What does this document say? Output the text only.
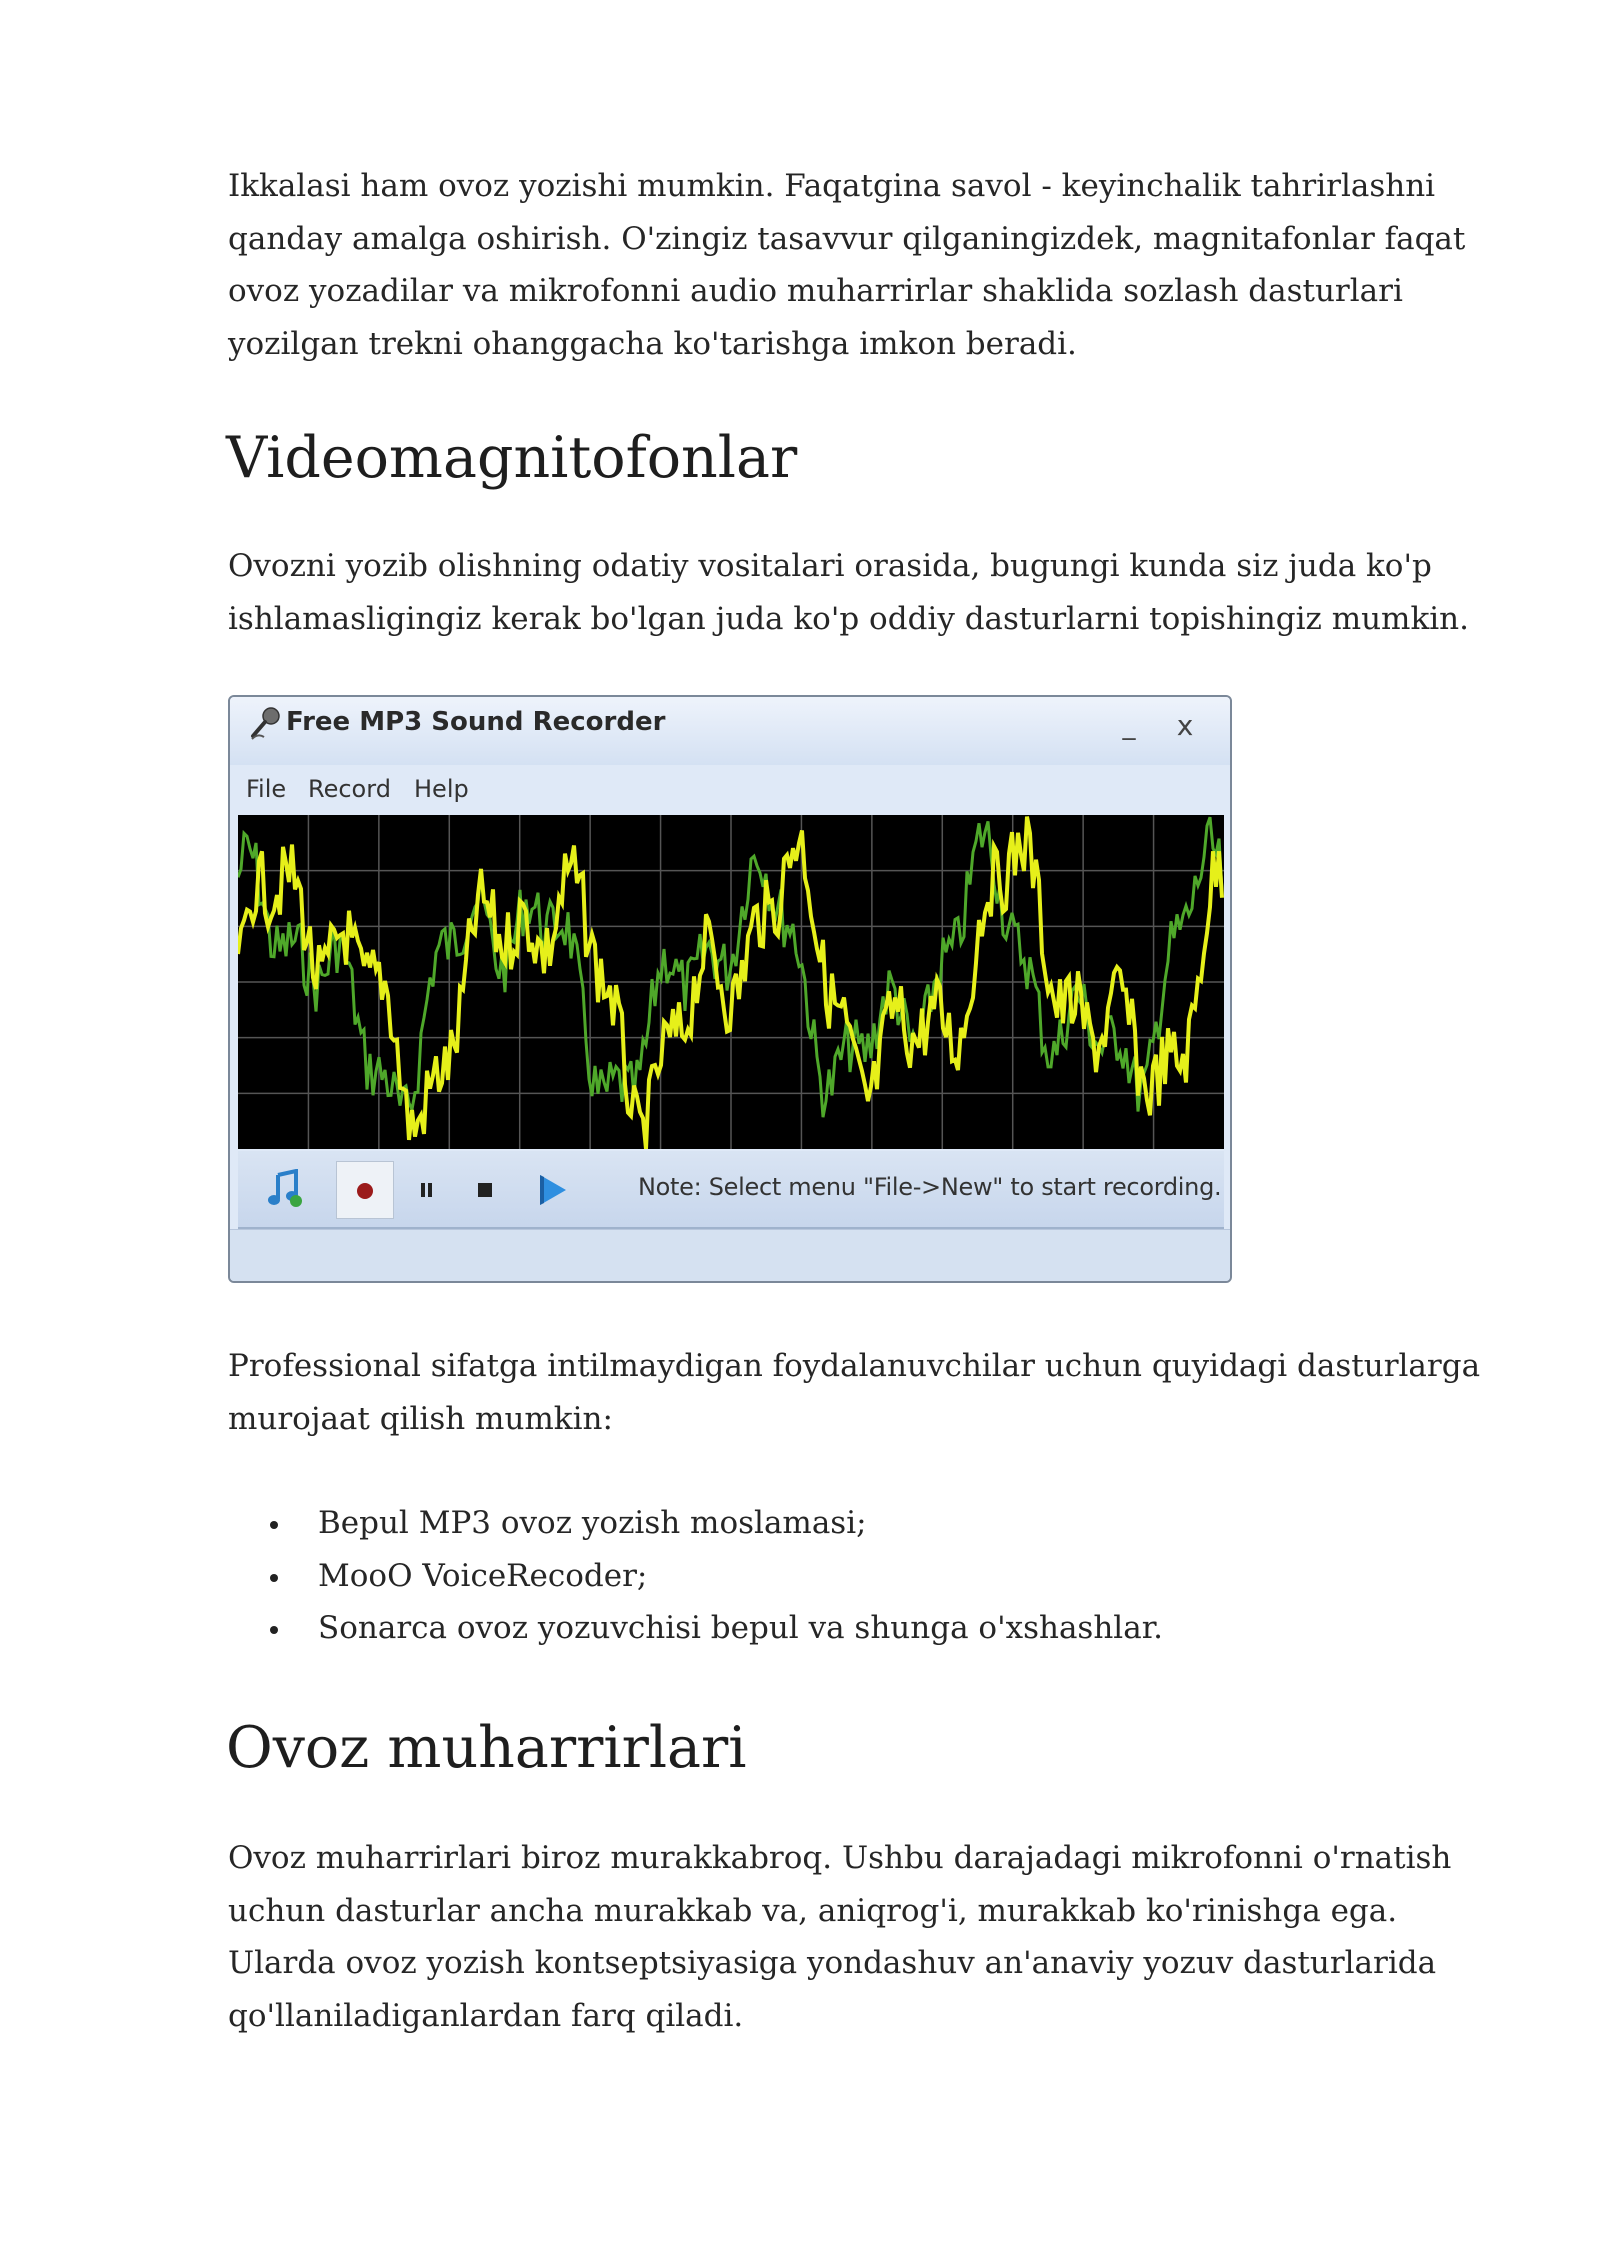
Ikkalasi ham ovoz yozishi mumkin. Faqatgina savol - keyinchalik tahrirlashni qanday amalga oshirish. O'zingiz tasavvur qilganingizdek, magnitafonlar faqat ovoz yozadilar va mikrofonni audio muharrirlar shaklida sozlash dasturlari yozilgan trekni ohanggacha ko'tarishga imkon beradi.

Videomagnitofonlar

Ovozni yozib olishning odatiy vositalari orasida, bugungi kunda siz juda ko'p ishlamasligingiz kerak bo'lgan juda ko'p oddiy dasturlarni topishingiz mumkin.

Free MP3 Sound Recorder	_	x
File Record Help
Note: Select menu "File->New" to start recording.

Professional sifatga intilmaydigan foydalanuvchilar uchun quyidagi dasturlarga murojaat qilish mumkin:

Bepul MP3 ovoz yozish moslamasi;
MooO VoiceRecoder;
Sonarca ovoz yozuvchisi bepul va shunga o'xshashlar.
Ovoz muharrirlari

Ovoz muharrirlari biroz murakkabroq. Ushbu darajadagi mikrofonni o'rnatish uchun dasturlar ancha murakkab va, aniqrog'i, murakkab ko'rinishga ega. Ularda ovoz yozish kontseptsiyasiga yondashuv an'anaviy yozuv dasturlarida qo'llaniladiganlardan farq qiladi.
